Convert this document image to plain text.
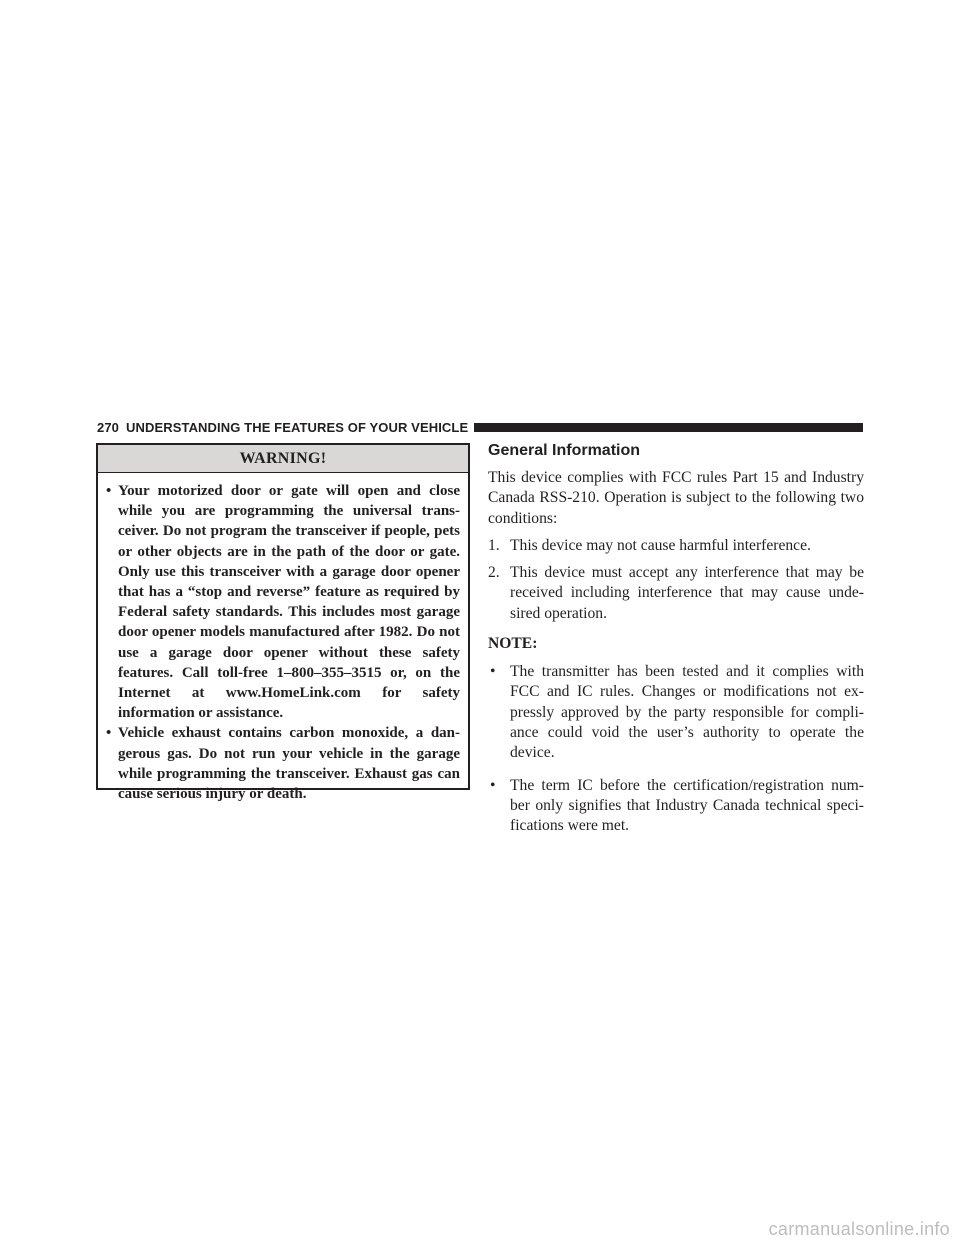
270 UNDERSTANDING THE FEATURES OF YOUR VEHICLE
WARNING!
• Your motorized door or gate will open and close while you are programming the universal trans-ceiver. Do not program the transceiver if people, pets or other objects are in the path of the door or gate. Only use this transceiver with a garage door opener that has a “stop and reverse” feature as required by Federal safety standards. This includes most garage door opener models manufactured after 1982. Do not use a garage door opener without these safety features. Call toll-free 1–800–355–3515 or, on the Internet at www.HomeLink.com for safety information or assistance.
• Vehicle exhaust contains carbon monoxide, a dan-gerous gas. Do not run your vehicle in the garage while programming the transceiver. Exhaust gas can cause serious injury or death.
General Information

This device complies with FCC rules Part 15 and Industry Canada RSS-210. Operation is subject to the following two conditions:

1. This device may not cause harmful interference.
2. This device must accept any interference that may be received including interference that may cause unde-sired operation.
NOTE:
• The transmitter has been tested and it complies with FCC and IC rules. Changes or modifications not ex-pressly approved by the party responsible for compli-ance could void the user’s authority to operate the device.
• The term IC before the certification/registration num-ber only signifies that Industry Canada technical speci-fications were met.
carmanualsonline.info
